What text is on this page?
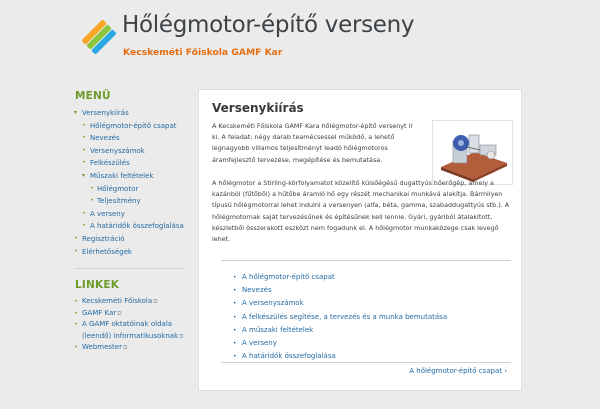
Hőlégmotor-építő verseny
Kecskeméti Főiskola GAMF Kar
MENÜ
▾ Versenykiírás
• Hőlégmotor-építő csapat
• Nevezés
• Versenyszámok
• Felkészülés
▾ Műszaki feltételek
• Hőlégmotor
• Teljesítmény
• A verseny
• A határidők összefoglalása
• Regisztráció
• Elérhetőségek
LINKEK
• Kecskeméti Főiskola⧉
• GAMF Kar⧉
• A GAMF oktatóinak oldala (leendő) informatikusoknak⧉
• Webmester⧉
Versenykiírás
A Kecskeméti Főiskola GAMF Kara hőlégmotor-építő versenyt ír ki. A feladat: négy darab teamécsessel működő, a lehető legnagyobb villamos teljesítményt leadó hőlégmotoros áramfejlesztő tervezése, megépítése és bemutatása.
A hőlégmotor a Stirling-körfolyamatot közelítő külsőégésű dugattyús hőerőgép, amely a kazánból (fűtőből) a hűtőbe áramló hő egy részét mechanikai munkává alakítja. Bármilyen típusú hőlégmotorral lehet indulni a versenyen (alfa, béta, gamma, szabaddugattyús stb.). A hőlégmotornak saját tervezésűnek és építésűnek kell lennie. Gyári, gyáriból átalakított, készletből összerakott eszközt nem fogadunk el. A hőlégmotor munkaközege csak levegő lehet.
• A hőlégmotor-építő csapat
• Nevezés
• A versenyszámok
• A felkészülés segítése, a tervezés és a munka bemutatása
• A műszaki feltételek
• A verseny
• A határidők összefoglalása
A hőlégmotor-építő csapat ›
